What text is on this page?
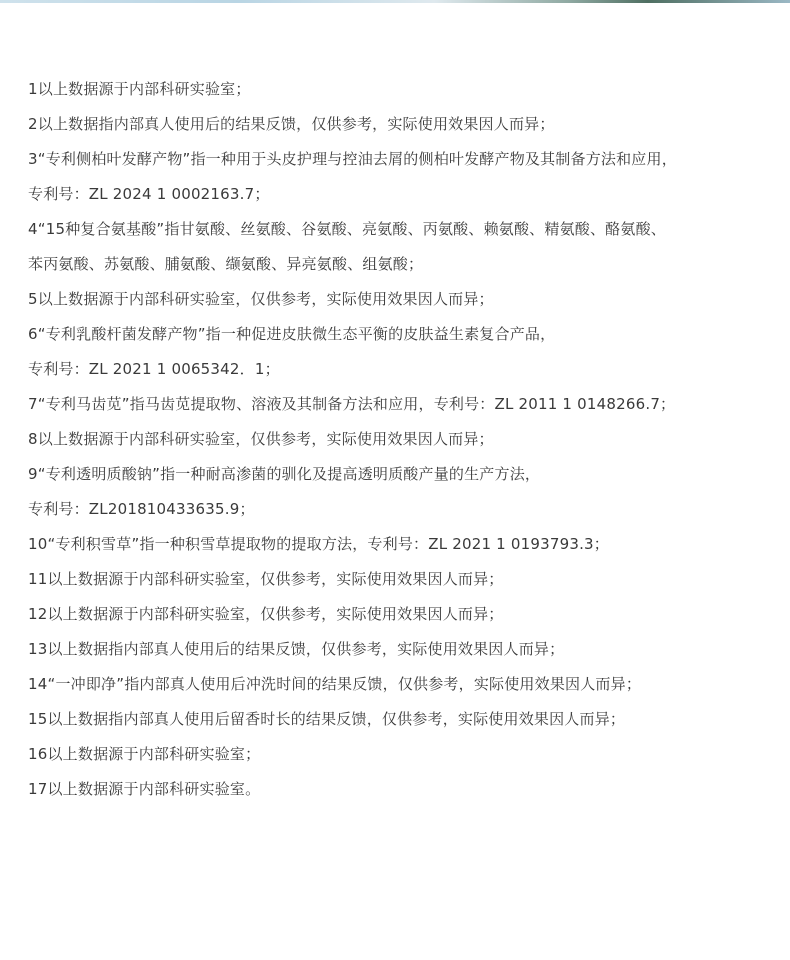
1以上数据源于内部科研实验室；
2以上数据指内部真人使用后的结果反馈，仅供参考，实际使用效果因人而异；
3“专利侧柏叶发酵产物”指一种用于头皮护理与控油去屑的侧柏叶发酵产物及其制备方法和应用，
专利号：ZL 2024 1 0002163.7；
4“15种复合氨基酸”指甘氨酸、丝氨酸、谷氨酸、亮氨酸、丙氨酸、赖氨酸、精氨酸、酪氨酸、
苯丙氨酸、苏氨酸、脯氨酸、缬氨酸、异亮氨酸、组氨酸；
5以上数据源于内部科研实验室，仅供参考，实际使用效果因人而异；
6“专利乳酸杆菌发酵产物”指一种促进皮肤微生态平衡的皮肤益生素复合产品，
专利号：ZL 2021 1 0065342．1；
7“专利马齿苋”指马齿苋提取物、溶液及其制备方法和应用，专利号：ZL 2011 1 0148266.7；
8以上数据源于内部科研实验室，仅供参考，实际使用效果因人而异；
9“专利透明质酸钠”指一种耐高渗菌的驯化及提高透明质酸产量的生产方法，
专利号：ZL201810433635.9；
10“专利积雪草”指一种积雪草提取物的提取方法，专利号：ZL 2021 1 0193793.3；
11以上数据源于内部科研实验室，仅供参考，实际使用效果因人而异；
12以上数据源于内部科研实验室，仅供参考，实际使用效果因人而异；
13以上数据指内部真人使用后的结果反馈，仅供参考，实际使用效果因人而异；
14“一冲即净”指内部真人使用后冲洗时间的结果反馈，仅供参考，实际使用效果因人而异；
15以上数据指内部真人使用后留香时长的结果反馈，仅供参考，实际使用效果因人而异；
16以上数据源于内部科研实验室；
17以上数据源于内部科研实验室。
